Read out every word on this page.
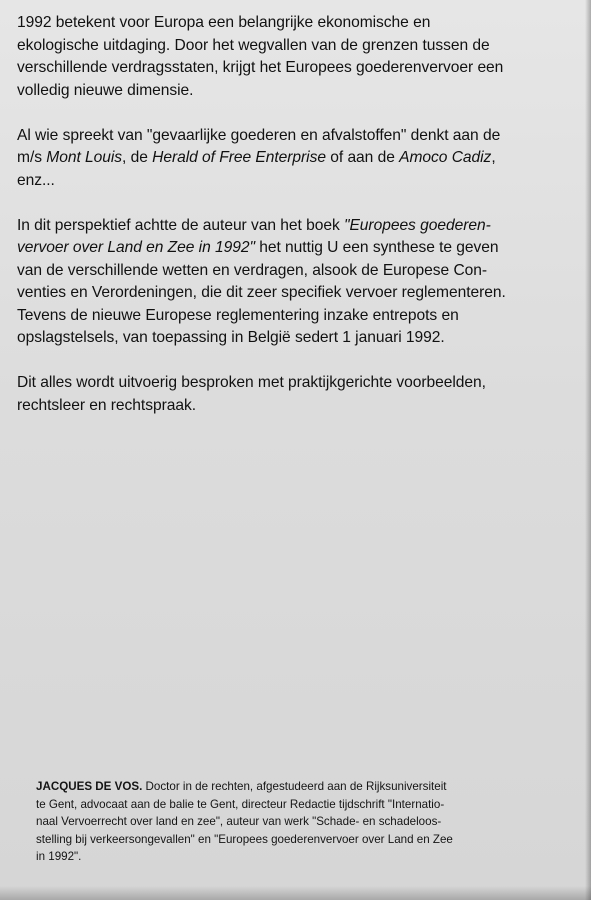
1992 betekent voor Europa een belangrijke ekonomische en
ekologische uitdaging. Door het wegvallen van de grenzen tussen de
verschillende verdragsstaten, krijgt het Europees goederenvervoer een
volledig nieuwe dimensie.

Al wie spreekt van "gevaarlijke goederen en afvalstoffen" denkt aan de
m/s Mont Louis, de Herald of Free Enterprise of aan de Amoco Cadiz,
enz...

In dit perspektief achtte de auteur van het boek "Europees goederen-
vervoer over Land en Zee in 1992" het nuttig U een synthese te geven
van de verschillende wetten en verdragen, alsook de Europese Con-
venties en Verordeningen, die dit zeer specifiek vervoer reglementeren.
Tevens de nieuwe Europese reglementering inzake entrepots en
opslagstelsels, van toepassing in België sedert 1 januari 1992.

Dit alles wordt uitvoerig besproken met praktijkgerichte voorbeelden,
rechtsleer en rechtspraak.

JACQUES DE VOS. Doctor in de rechten, afgestudeerd aan de Rijksuniversiteit
te Gent, advocaat aan de balie te Gent, directeur Redactie tijdschrift "Internatio-
naal Vervoerrecht over land en zee", auteur van werk "Schade- en schadeloos-
stelling bij verkeersongevallen" en "Europees goederenvervoer over Land en Zee
in 1992".
